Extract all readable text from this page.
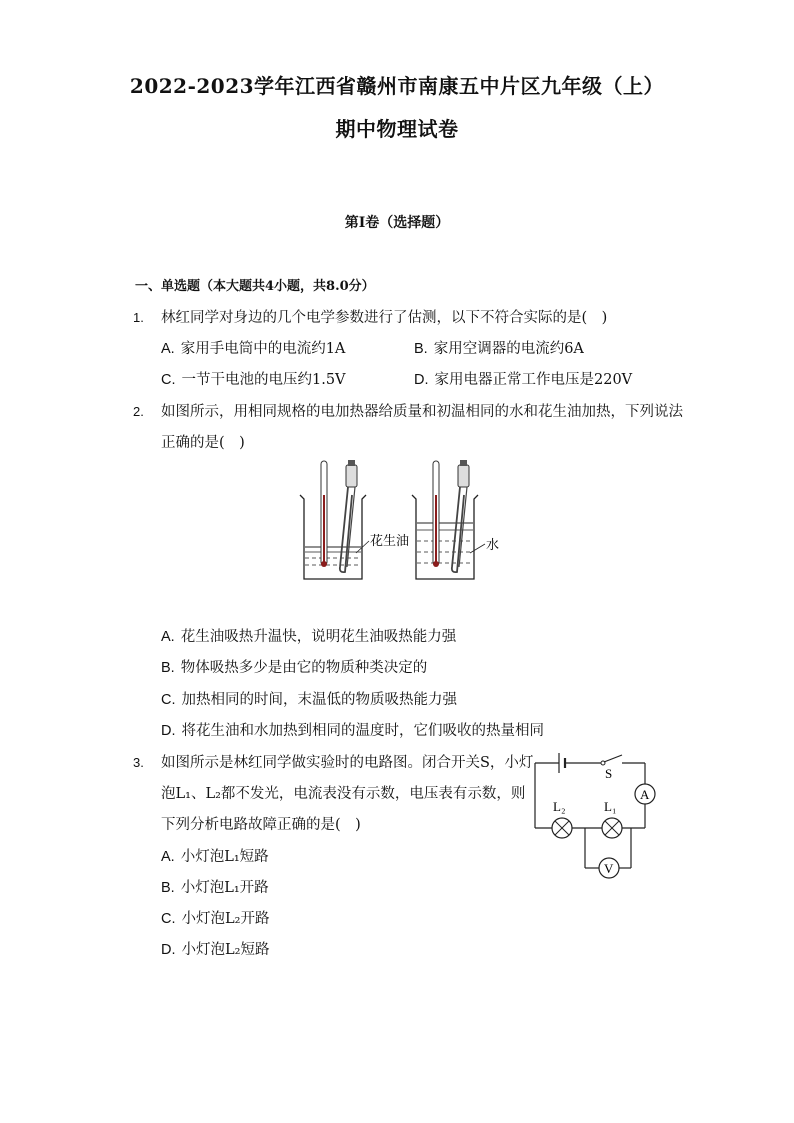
2022-2023学年江西省赣州市南康五中片区九年级（上）
期中物理试卷
第Ⅰ卷（选择题）
一、单选题（本大题共4小题，共8.0分）
1. 林红同学对身边的几个电学参数进行了估测，以下不符合实际的是(　)
A. 家用手电筒中的电流约1A	B. 家用空调器的电流约6A
C. 一节干电池的电压约1.5V	D. 家用电器正常工作电压是220V
2. 如图所示，用相同规格的电加热器给质量和初温相同的水和花生油加热，下列说法
正确的是(　)
花生油	水
A. 花生油吸热升温快，说明花生油吸热能力强
B. 物体吸热多少是由它的物质种类决定的
C. 加热相同的时间，末温低的物质吸热能力强
D. 将花生油和水加热到相同的温度时，它们吸收的热量相同
3. 如图所示是林红同学做实验时的电路图。闭合开关S，小灯
泡L₁、L₂都不发光，电流表没有示数，电压表有示数，则
下列分析电路故障正确的是(　)
S
A
L₂	L₁
V
A. 小灯泡L₁短路
B. 小灯泡L₁开路
C. 小灯泡L₂开路
D. 小灯泡L₂短路
